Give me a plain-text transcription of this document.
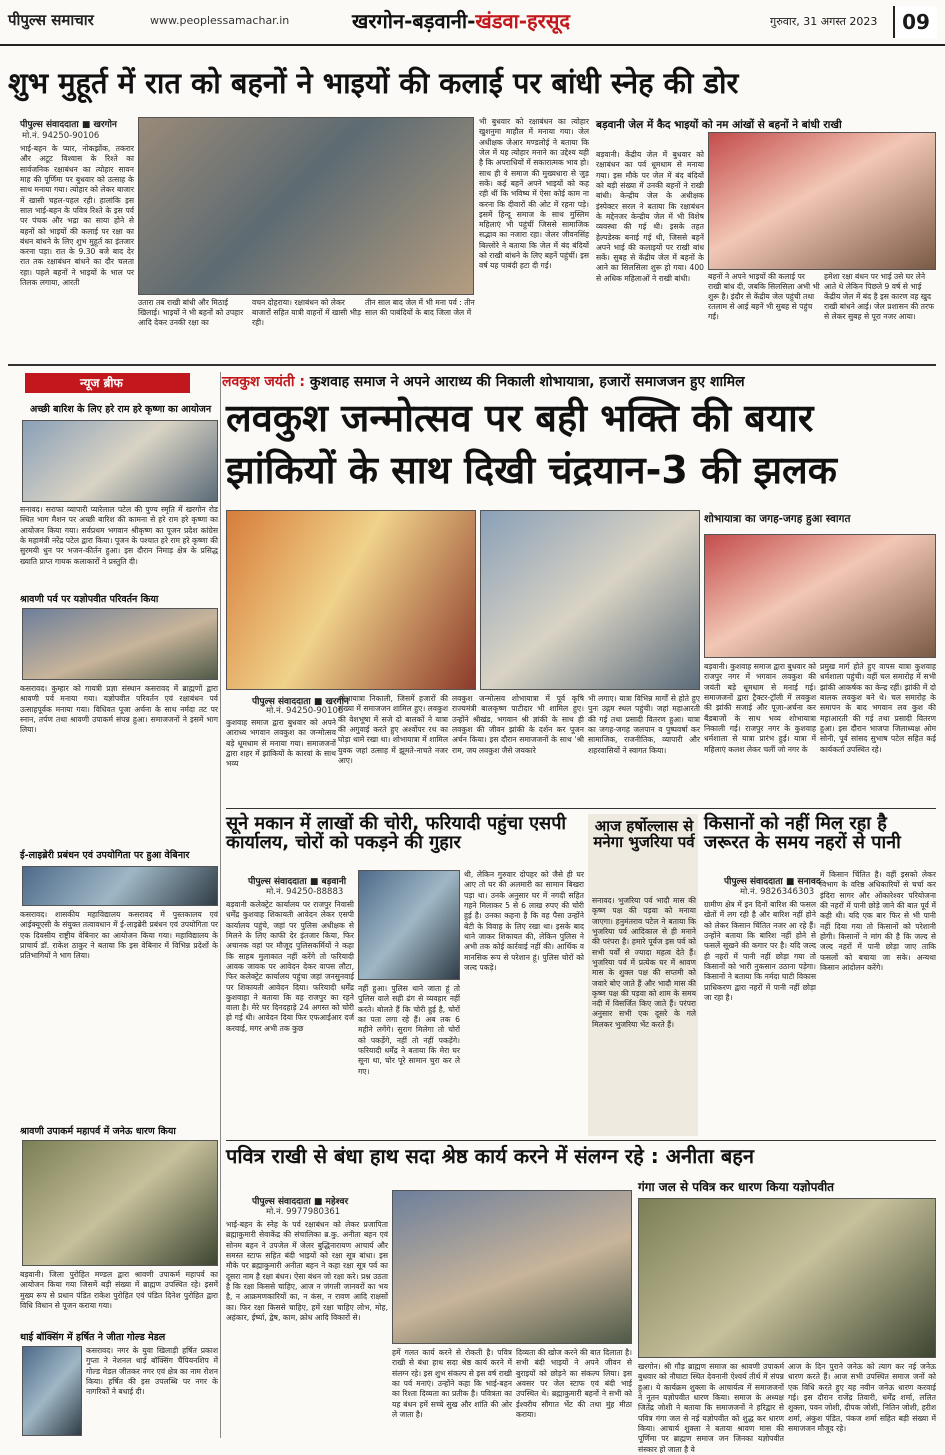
पीपुल्स समाचार	www.peoplessamachar.in	खरगोन-बड़वानी-खंडवा-हरसूद	गुरुवार, 31 अगस्त 2023	09
शुभ मुहूर्त में रात को बहनों ने भाइयों की कलाई पर बांधी स्नेह की डोर
पीपुल्स संवाददाता ■ खरगोन
मो.नं. 94250-90106
भाई-बहन के प्यार, नोकझोंक, तकरार और अटूट विश्वास के रिश्ते का सार्वजनिक रक्षाबंधन का त्योहार सावन माह की पूर्णिमा पर बुधवार को उत्साह के साथ मनाया गया। त्योहार को लेकर बाजार में खासी चहल-पहल रही। हालांकि इस साल भाई-बहन के पवित्र रिश्ते के इस पर्व पर पंचक और भद्रा का साया होने से बहनों को भाइयों की कलाई पर रक्षा का बंधन बांधने के लिए शुभ मुहूर्त का इंतजार करना पड़ा। रात के 9.30 बजे बाद देर रात तक रक्षाबंधन बांधने का दौर चलता रहा। पहले बहनों ने भाइयों के भाल पर तिलक लगाया, आरती
उतारा तब राखी बांधी और मिठाई खिलाई। भाइयों ने भी बहनों को उपहार आदि देकर उनकी रक्षा का
वचन दोहराया। रक्षाबंधन को लेकर बाजारों सहित यात्री वाहनों में खासी भीड़ रही।
तीन साल बाद जेल में भी मना पर्व : तीन साल की पाबंदियों के बाद जिला जेल में
भी बुधवार को रक्षाबंधन का त्योहार खुशनुमा माहौल में मनाया गया। जेल अधीक्षक जेआर मण्डलोई ने बताया कि जेल में यह त्योहार मनाने का उद्देश्य यही है कि अपराधियों में सकारात्मक भाव हो। साथ ही वे समाज की मुख्यधारा से जुड़ सकें। कई बहनें अपने भाइयों को कह रही थीं कि भविष्य में ऐसा कोई काम ना करना कि दीवारों की ओट में रहना पड़े। इसमें हिन्दू समाज के साथ मुस्लिम महिलाएं भी पहुंचीं जिससे सामाजिक सद्भाव का नजारा रहा। जेलर जीवनसिंह बिल्लोरे ने बताया कि जेल में बंद बंदियों को राखी बांधने के लिए बहनें पहुंचीं। इस वर्ष यह पाबंदी हटा दी गई।
बड़वानी जेल में कैद भाइयों को नम आंखों से बहनों ने बांधी राखी
बड़वानी। केंद्रीय जेल में बुधवार को रक्षाबंधन का पर्व धूमधाम से मनाया गया। इस मौके पर जेल में बंद बंदियों को बड़ी संख्या में उनकी बहनों ने राखी बांधी। केन्द्रीय जेल के अधीक्षक इंस्पेक्टर सरल ने बताया कि रक्षाबंधन के मद्देनजर केन्द्रीय जेल में भी विशेष व्यवस्था की गई थी। इसके तहत हेल्पडेस्क बनाई गई थी, जिससे बहनें अपने भाई की कलाइयों पर राखी बांध सकें। सुबह से केंद्रीय जेल में बहनों के आने का सिलसिला शुरू हो गया। 400 से अधिक महिलाओं ने राखी बांधी।	बहनों ने अपने भाइयों की कलाई पर राखी बांध दी, जबकि सिलसिला अभी भी शुरू है। इंदौर से केंद्रीय जेल पहुंची तथा रतलाम से आई बहनें भी सुबह से पहुंच गईं।
हमेशा रक्षा बंधन पर भाई उसे घर लेने आते थे लेकिन पिछले 9 वर्ष से भाई केंद्रीय जेल में बंद है इस कारण वह खुद राखी बांधने आई। जेल प्रशासन की तरफ से लेकर सुबह से पूरा नजर आया।
न्यूज ब्रीफ
अच्छी बारिश के लिए हरे राम हरे कृष्णा का आयोजन
सनावद। सराफा व्यापारी प्यारेलाल पटेल की पुण्य स्मृति में खरगोन रोड स्थित भाग मैशन पर अच्छी बारिश की कामना से हरे राम हरे कृष्णा का आयोजन किया गया। सर्वप्रथम भगवान श्रीकृष्ण का पूजन प्रदेश कांग्रेस के महामंत्री नरेंद्र पटेल द्वारा किया। पूजन के पश्चात हरे राम हरे कृष्णा की सुरमयी धुन पर भजन-कीर्तन हुआ। इस दौरान निमाड़ क्षेत्र के प्रसिद्ध ख्याति प्राप्त गायक कलाकारों ने प्रस्तुति दी।
श्रावणी पर्व पर यज्ञोपवीत परिवर्तन किया
कसरावद। कुम्हार को गायत्री प्रज्ञा संस्थान कसरावद में ब्राह्मणों द्वारा श्रावणी पर्व मनाया गया। यज्ञोपवीत परिवर्तन एवं रक्षाबंधन पर्व उत्साहपूर्वक मनाया गया। विधिवत पूजा अर्चना के साथ नर्मदा तट पर स्नान, तर्पण तथा श्रावणी उपाकर्म संपन्न हुआ। समाजजनों ने इसमें भाग लिया।
ई-लाइब्रेरी प्रबंधन एवं उपयोगिता पर हुआ वेबिनार
कसरावद। शासकीय महाविद्यालय कसरावद में पुस्तकालय एवं आईक्यूएसी के संयुक्त तत्वावधान में ई-लाइब्रेरी प्रबंधन एवं उपयोगिता पर एक दिवसीय राष्ट्रीय वेबिनार का आयोजन किया गया। महाविद्यालय के प्राचार्य डॉ. राकेश ठाकुर ने बताया कि इस वेबिनार में विभिन्न प्रदेशों के प्रतिभागियों ने भाग लिया।
श्रावणी उपाकर्म महापर्व में जनेऊ धारण किया
बड़वानी। जिला पुरोहित मण्डल द्वारा श्रावणी उपाकर्म महापर्व का आयोजन किया गया जिसमें बड़ी संख्या में ब्राह्मण उपस्थित रहे। इसमें मुख्य रूप से प्रधान पंडित राकेश पुरोहित एवं पंडित दिनेश पुरोहित द्वारा विधि विधान से पूजन कराया गया।
थाई बॉक्सिंग में हर्षित ने जीता गोल्ड मेडल
कसरावद। नगर के युवा खिलाड़ी हर्षित प्रकाश गुप्ता ने नेशनल थाई बॉक्सिंग चैंपियनशिप में गोल्ड मेडल जीतकर नगर एवं क्षेत्र का नाम रोशन किया। हर्षित की इस उपलब्धि पर नगर के नागरिकों ने बधाई दी।
लवकुश जयंती : कुशवाह समाज ने अपने आराध्य की निकाली शोभायात्रा, हजारों समाजजन हुए शामिल
लवकुश जन्मोत्सव पर बही भक्ति की बयार
झांकियों के साथ दिखी चंद्रयान-3 की झलक
शोभायात्रा का जगह-जगह हुआ स्वागत
पीपुल्स संवाददाता ■ खरगोन
मो.नं. 94250-90106
कुशवाह समाज द्वारा बुधवार को अपने आराध्य भगवान लवकुश का जन्मोत्सव बड़े धूमधाम से मनाया गया। समाजजनों द्वारा शहर में झांकियों के कारवां के साथ भव्य
शोभायात्रा निकाली, जिसमें हजारों की संख्या में समाजजन शामिल हुए। लवकुश की वेशभूषा में सजे दो बालकों ने यात्रा की अगुवाई करते हुए अश्वोंपर रथ का घोड़ा थामे रखा था। शोभायात्रा में शामिल युवक जहां उत्साह में झूमते-नाचते नजर आए।
लवकुश जन्मोत्सव शोभायात्रा में पूर्व कृषि राज्यमंत्री बालकृष्ण पाटीदार भी शामिल हुए। उन्होंने श्रीखंड, भगवान श्री ज्ञांकी के साथ ही लवकुश की जीवन झांकी के दर्शन कर पूजन अर्चन किया। इस दौरान समाजजनों के साथ 'श्री राम, जय लवकुश जैसे जयकारे
भी लगाए। यात्रा विभिन्न मार्गों से होते हुए पुनः उद्गम स्थल पहुंची। जहां महाआरती की गई तथा प्रसादी वितरण हुआ। यात्रा का जगह-जगह जलपान व पुष्पवर्षा कर सामाजिक, राजनीतिक, व्यापारी और शहरवासियों ने स्वागत किया।
बड़वानी। कुशवाह समाज द्वारा बुधवार को राजपुर नगर में भगवान लवकुश की जयंती बड़े धूमधाम से मनाई गई। समाजजनों द्वारा ट्रैक्टर-ट्रॉली में लवकुश की झांकी सजाई और पूजा-अर्चना कर बैंडबाजों के साथ भव्य शोभायात्रा निकाली गई। राजपुर नगर के कुशवाह धर्मशाला से यात्रा प्रारंभ हुई। यात्रा में महिलाएं कलश लेकर चलीं जो नगर के
प्रमुख मार्ग होते हुए वापस यात्रा कुशवाह धर्मशाला पहुंची। वहीं चल समारोह में सभी झांकी आकर्षक का केन्द्र रहीं। झांकी में दो बालक लवकुश बने थे। चल समारोह के समापन के बाद भगवान लव कुश की महाआरती की गई तथा प्रसादी वितरण हुआ। इस दौरान भाजपा जिलाध्यक्ष ओम सोनी, पूर्व सांसद सुभाष पटेल सहित कई कार्यकर्ता उपस्थित रहे।
सूने मकान में लाखों की चोरी, फरियादी पहुंचा एसपी कार्यालय, चोरों को पकड़ने की गुहार
पीपुल्स संवाददाता ■ बड़वानी
मो.नं. 94250-88883
बड़वानी कलेक्ट्रेट कार्यालय पर राजपुर निवासी धर्मेंद्र कुशवाह शिकायती आवेदन लेकर एसपी कार्यालय पहुंचे, जहां पर पुलिस अधीक्षक से मिलने के लिए काफी देर इंतजार किया, फिर अचानक वहां पर मौजूद पुलिसकर्मियों ने कहा कि साहब मुलाकात नहीं करेंगे तो फरियादी आवक जावक पर आवेदन देकर वापस लौटा, फिर कलेक्ट्रेट कार्यालय पहुंचा जहां जनसुनवाई पर शिकायती आवेदन दिया। फरियादी धर्मेंद्र कुशवाहा ने बताया कि वह राजपुर का रहने वाला है। मेरे घर दिनदहाड़े 24 अगस्त को चोरी हो गई थी। आवेदन दिया फिर एफआईआर दर्ज करवाई, मगर अभी तक कुछ
नहीं हुआ। पुलिस थाने जाता हूं तो पुलिस वाले सही ढंग से व्यवहार नहीं करते। बोलते हैं कि चोरी हुई है, चोरों का पता लगा रहे हैं। अब तक 6 महीने लगेंगे। सुराग मिलेगा तो चोरों को पकड़ेंगे, नहीं तो नहीं पकड़ेंगे। फरियादी धर्मेंद्र ने बताया कि मेरा घर सूना था, चोर पूरे सामान चुरा कर ले गए।
थी, लेकिन गुरुवार दोपहर को जैसे ही घर आए तो घर की अलमारी का सामान बिखरा पड़ा था। उनके अनुसार घर में नगदी सहित गहने मिलाकर 5 से 6 लाख रुपए की चोरी हुई है। उनका कहना है कि वह पैसा उन्होंने बेटी के विवाह के लिए रखा था। इसके बाद थाने जाकर शिकायत की, लेकिन पुलिस ने अभी तक कोई कार्रवाई नहीं की। आर्थिक व मानसिक रूप से परेशान हूं। पुलिस चोरों को जल्द पकड़े।
आज हर्षोल्लास से मनेगा भुजरिया पर्व
सनावद। भुजरिया पर्व भादौ मास की कृष्ण पक्ष की पड़वा को मनाया जाएगा। हनुमंतराव पटेल ने बताया कि भुजरिया पर्व आदिकाल से ही मनाने की परंपरा है। हमारे पूर्वज इस पर्व को सभी पर्वों से ज्यादा महत्व देते हैं। भुजरिया पर्व में प्रत्येक घर में श्रावण मास के शुक्ल पक्ष की सप्तमी को जवारे बोए जाते हैं और भादौ मास की कृष्ण पक्ष की पड़वा को शाम के समय नदी में विसर्जित किए जाते हैं। परंपरा अनुसार सभी एक दूसरे के गले मिलकर भुजरिया भेंट करते हैं।
किसानों को नहीं मिल रहा है जरूरत के समय नहरों से पानी
पीपुल्स संवाददाता ■ सनावद
मो.नं. 9826346303
ग्रामीण क्षेत्र में इन दिनों बारिश की फसल खेतों में लग रही है और बारिश नहीं होने को लेकर किसान चिंतित नजर आ रहे हैं। उन्होंने बताया कि बारिश नहीं होने से फसलें सूखने की कगार पर है। यदि जल्द ही नहरों में पानी नहीं छोड़ा गया तो किसानों को भारी नुकसान उठाना पड़ेगा। किसानों ने बताया कि नर्मदा घाटी विकास प्राधिकरण द्वारा नहरों में पानी नहीं छोड़ा जा रहा है।
में किसान चिंतित है। वहीं इसको लेकर विभाग के वरिष्ठ अधिकारियों से चर्चा कर इंदिरा सागर और ओंकारेश्वर परियोजना की नहरों में पानी छोड़े जाने की बात पूर्व में कही थी। यदि एक बार फिर से भी पानी नहीं दिया गया तो किसानों को परेशानी होगी। किसानों ने मांग की है कि जल्द से जल्द नहरों में पानी छोड़ा जाए ताकि फसलों को बचाया जा सके। अन्यथा किसान आंदोलन करेंगे।
पवित्र राखी से बंधा हाथ सदा श्रेष्ठ कार्य करने में संलग्न रहे : अनीता बहन
पीपुल्स संवाददाता ■ महेश्वर
मो.नं. 9977980361
भाई-बहन के स्नेह के पर्व रक्षाबंधन को लेकर प्रजापिता ब्रह्माकुमारी सेवाकेंद्र की संचालिका ब्र.कु. अनीता बहन एवं सोनम बहन ने उपजेल में जेलर बुद्धिनारायण आचार्य और समस्त स्टाफ सहित बंदी भाइयों को रक्षा सूत्र बांधा। इस मौके पर ब्रह्माकुमारी अनीता बहन ने कहा रक्षा सूत्र पर्व का दूसरा नाम है रक्षा बंधन। ऐसा बंधन जो रक्षा करे। प्रश्न उठता है कि रक्षा किससे चाहिए, आज न जंगली जानवरों का भय है, न आक्रमणकारियों का, न कंस, न रावण आदि राक्षसों का। फिर रक्षा किससे चाहिए, हमें रक्षा चाहिए लोभ, मोह, अहंकार, ईर्ष्या, द्वेष, काम, क्रोध आदि विकारों से।
हमें गलत कार्य करने से रोकती है। पवित्र राखी से बंधा हाथ सदा श्रेष्ठ कार्य करने में संलग्न रहे। इस शुभ संकल्प से इस वर्ष राखी का पर्व मनाएं। उन्होंने कहा कि भाई-बहन का रिश्ता दिव्यता का प्रतीक है। पवित्रता का यह बंधन हमें सच्चे सुख और शांति की ओर ले जाता है।
दिव्यता की खोज करने की बात दिलाता है। सभी बंदी भाइयों ने अपने जीवन से बुराइयों को छोड़ने का संकल्प लिया। इस अवसर पर जेल स्टाफ एवं बंदी भाई उपस्थित थे। ब्रह्माकुमारी बहनों ने सभी को ईश्वरीय सौगात भेंट की तथा मुंह मीठा कराया।
गंगा जल से पवित्र कर धारण किया यज्ञोपवीत
खरगोन। श्री गौड़ ब्राह्मण समाज का श्रावणी उपाकर्म बुधवार को नौघाटा स्थित देवनानी ऐश्वर्य तीर्थ में संपन्न हुआ। ये कार्यक्रम शुक्ला के आचार्यत्व में समाजजनों ने नूतन यज्ञोपवीत धारण किया। समाज के अध्यक्ष जितेंद्र जोशी ने बताया कि समाजजनों ने हरिद्वार से पवित्र गंगा जल से नई यज्ञोपवीत को शुद्ध कर धारण किया। आचार्य शुक्ला ने बताया श्रावण मास की पूर्णिमा पर ब्राह्मण समाज जन जिनका यज्ञोपवीत संस्कार हो जाता है वे
आज के दिन पुराने जनेऊ को त्याग कर नई जनेऊ धारण करते हैं। आज सभी उपस्थित समाज जनों को एक विधि करते हुए यह नवीन जनेऊ धारण करवाई गई। इस दौरान राजेंद्र तिवारी, धर्मेंद्र शर्मा, ललित शुक्ला, पवन जोशी, दीपक जोशी, नितिन जोशी, हरीश शर्मा, अंकुश पंडित, पंकज शर्मा सहित बड़ी संख्या में समाजजन मौजूद रहे।
